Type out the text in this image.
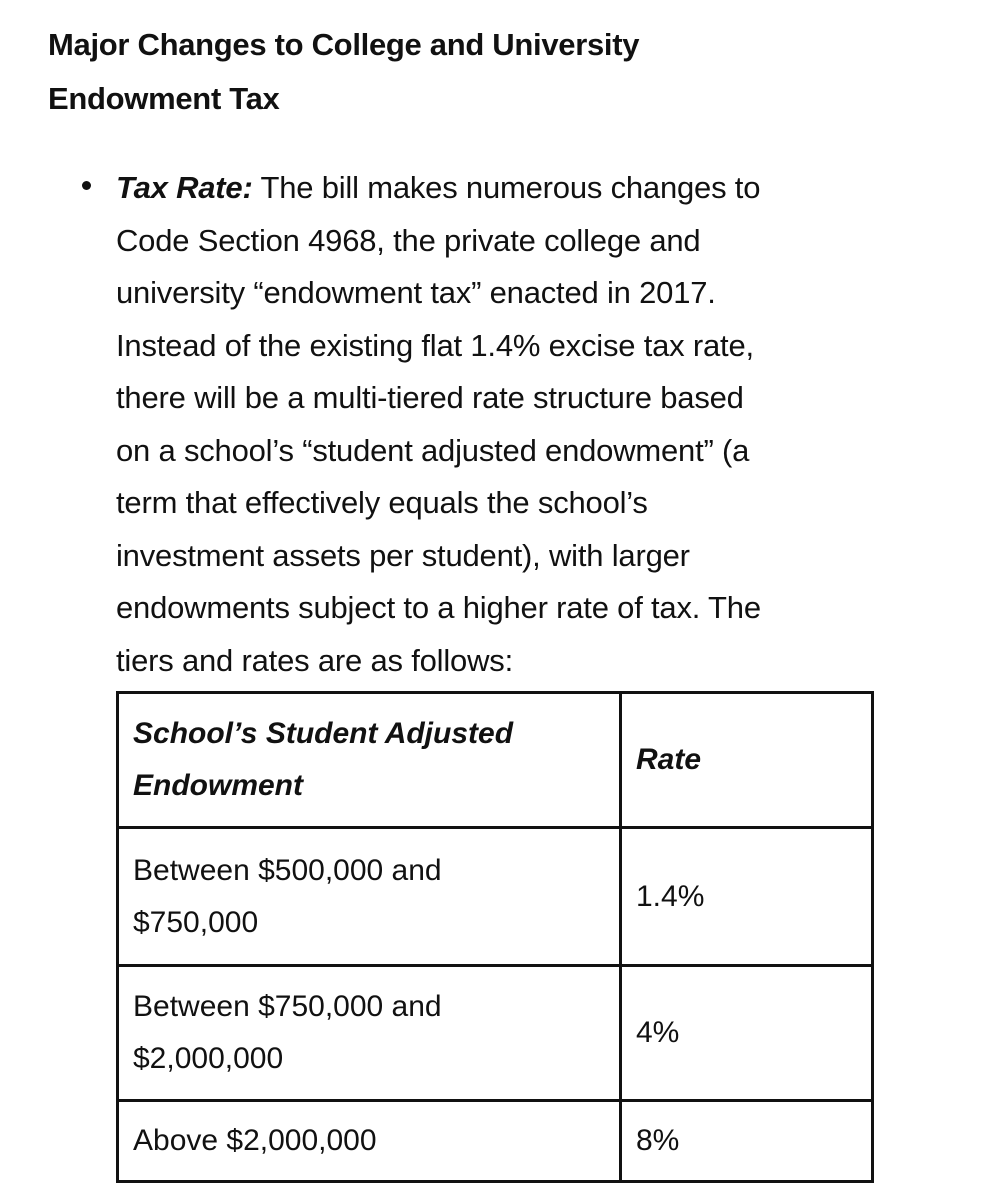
Major Changes to College and University
Endowment Tax
Tax Rate: The bill makes numerous changes to
Code Section 4968, the private college and
university “endowment tax” enacted in 2017.
Instead of the existing flat 1.4% excise tax rate,
there will be a multi-tiered rate structure based
on a school’s “student adjusted endowment” (a
term that effectively equals the school’s
investment assets per student), with larger
endowments subject to a higher rate of tax. The
tiers and rates are as follows:
School’s Student Adjusted
Endowment	Rate

Between $500,000 and
$750,000	1.4%

Between $750,000 and
$2,000,000	4%

Above $2,000,000	8%
